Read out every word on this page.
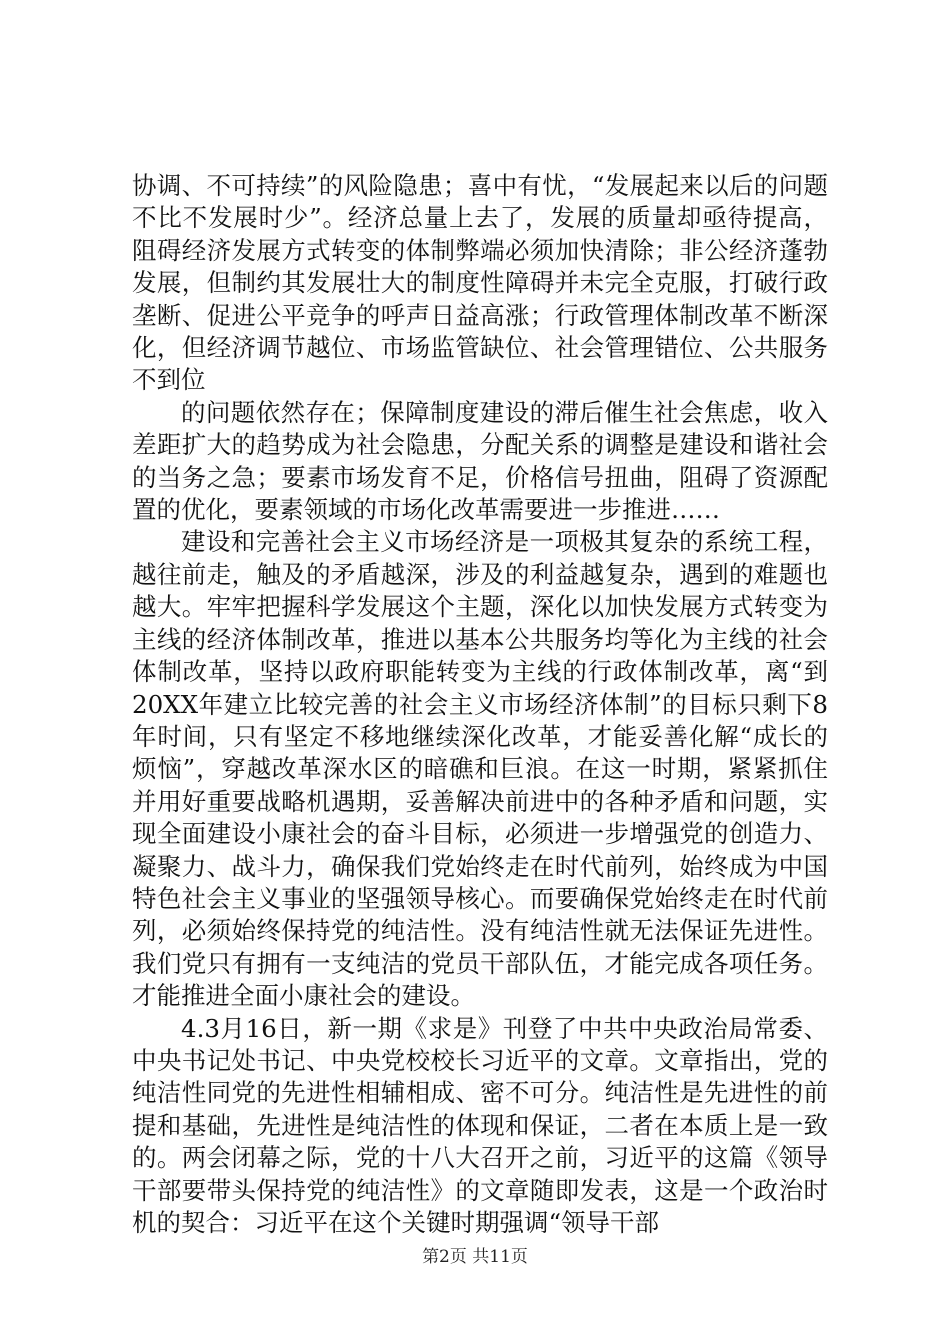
协调、不可持续”的风险隐患；喜中有忧，“发展起来以后的问题不比不发展时少”。经济总量上去了，发展的质量却亟待提高，阻碍经济发展方式转变的体制弊端必须加快清除；非公经济蓬勃发展，但制约其发展壮大的制度性障碍并未完全克服，打破行政垄断、促进公平竞争的呼声日益高涨；行政管理体制改革不断深化，但经济调节越位、市场监管缺位、社会管理错位、公共服务不到位

的问题依然存在；保障制度建设的滞后催生社会焦虑，收入差距扩大的趋势成为社会隐患，分配关系的调整是建设和谐社会的当务之急；要素市场发育不足，价格信号扭曲，阻碍了资源配置的优化，要素领域的市场化改革需要进一步推进……

建设和完善社会主义市场经济是一项极其复杂的系统工程，越往前走，触及的矛盾越深，涉及的利益越复杂，遇到的难题也越大。牢牢把握科学发展这个主题，深化以加快发展方式转变为主线的经济体制改革，推进以基本公共服务均等化为主线的社会体制改革，坚持以政府职能转变为主线的行政体制改革，离“到20XX年建立比较完善的社会主义市场经济体制”的目标只剩下8年时间，只有坚定不移地继续深化改革，才能妥善化解“成长的烦恼”，穿越改革深水区的暗礁和巨浪。在这一时期，紧紧抓住并用好重要战略机遇期，妥善解决前进中的各种矛盾和问题，实现全面建设小康社会的奋斗目标，必须进一步增强党的创造力、凝聚力、战斗力，确保我们党始终走在时代前列，始终成为中国特色社会主义事业的坚强领导核心。而要确保党始终走在时代前列，必须始终保持党的纯洁性。没有纯洁性就无法保证先进性。我们党只有拥有一支纯洁的党员干部队伍，才能完成各项任务。才能推进全面小康社会的建设。

4.3月16日，新一期《求是》刊登了中共中央政治局常委、中央书记处书记、中央党校校长习近平的文章。文章指出，党的纯洁性同党的先进性相辅相成、密不可分。纯洁性是先进性的前提和基础，先进性是纯洁性的体现和保证，二者在本质上是一致的。两会闭幕之际，党的十八大召开之前，习近平的这篇《领导干部要带头保持党的纯洁性》的文章随即发表，这是一个政治时机的契合：习近平在这个关键时期强调“领导干部

第2页 共11页
